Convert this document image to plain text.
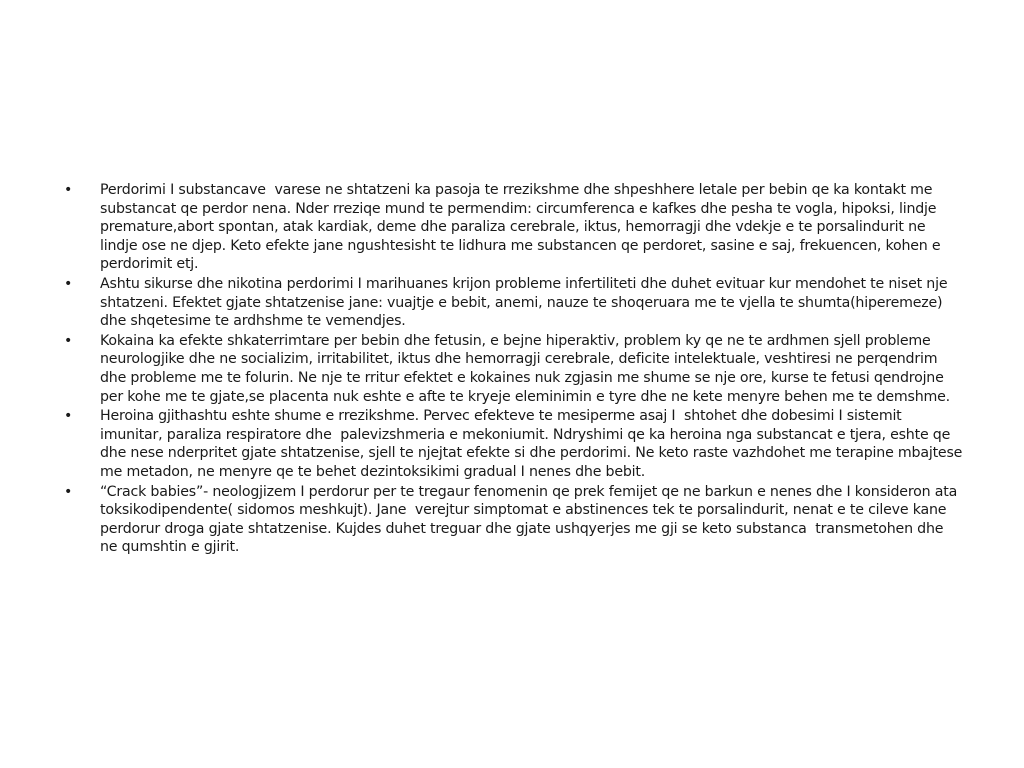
•	Perdorimi I substancave  varese ne shtatzeni ka pasoja te rrezikshme dhe shpeshhere letale per bebin qe ka kontakt me substancat qe perdor nena. Nder rreziqe mund te permendim: circumferenca e kafkes dhe pesha te vogla, hipoksi, lindje premature,abort spontan, atak kardiak, deme dhe paraliza cerebrale, iktus, hemorragji dhe vdekje e te porsalindurit ne lindje ose ne djep. Keto efekte jane ngushtesisht te lidhura me substancen qe perdoret, sasine e saj, frekuencen, kohen e perdorimit etj.
•	Ashtu sikurse dhe nikotina perdorimi I marihuanes krijon probleme infertiliteti dhe duhet evituar kur mendohet te niset nje shtatzeni. Efektet gjate shtatzenise jane: vuajtje e bebit, anemi, nauze te shoqeruara me te vjella te shumta(hiperemeze) dhe shqetesime te ardhshme te vemendjes.
•	Kokaina ka efekte shkaterrimtare per bebin dhe fetusin, e bejne hiperaktiv, problem ky qe ne te ardhmen sjell probleme neurologjike dhe ne socializim, irritabilitet, iktus dhe hemorragji cerebrale, deficite intelektuale, veshtiresi ne perqendrim dhe probleme me te folurin. Ne nje te rritur efektet e kokaines nuk zgjasin me shume se nje ore, kurse te fetusi qendrojne per kohe me te gjate,se placenta nuk eshte e afte te kryeje eleminimin e tyre dhe ne kete menyre behen me te demshme.
•	Heroina gjithashtu eshte shume e rrezikshme. Pervec efekteve te mesiperme asaj I  shtohet dhe dobesimi I sistemit imunitar, paraliza respiratore dhe  palevizshmeria e mekoniumit. Ndryshimi qe ka heroina nga substancat e tjera, eshte qe dhe nese nderpritet gjate shtatzenise, sjell te njejtat efekte si dhe perdorimi. Ne keto raste vazhdohet me terapine mbajtese me metadon, ne menyre qe te behet dezintoksikimi gradual I nenes dhe bebit.
•	“Crack babies”- neologjizem I perdorur per te tregaur fenomenin qe prek femijet qe ne barkun e nenes dhe I konsideron ata toksikodipendente( sidomos meshkujt). Jane  verejtur simptomat e abstinences tek te porsalindurit, nenat e te cileve kane perdorur droga gjate shtatzenise. Kujdes duhet treguar dhe gjate ushqyerjes me gji se keto substanca  transmetohen dhe ne qumshtin e gjirit.
